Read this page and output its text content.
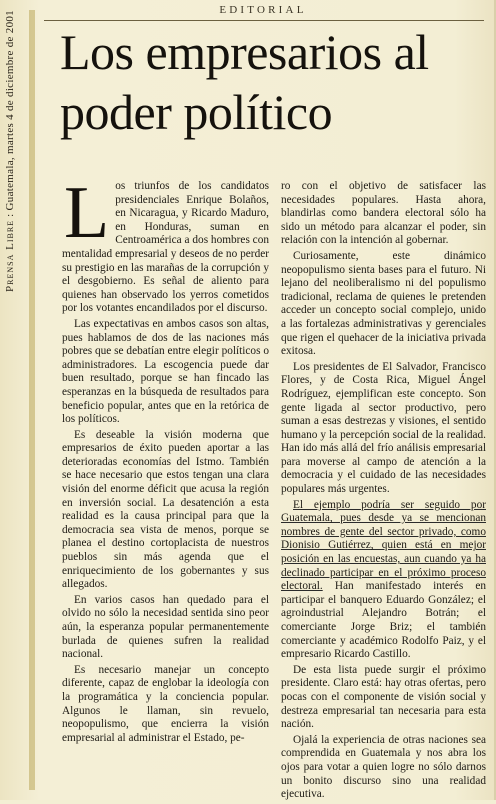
Prensa Libre : Guatemala, martes 4 de diciembre de 2001	EDITORIAL
Los empresarios al poder político

Los triunfos de los candidatos presidenciales Enrique Bolaños, en Nicaragua, y Ricardo Maduro, en Honduras, suman en Centroamérica a dos hombres con mentalidad empresarial y deseos de no perder su prestigio en las marañas de la corrupción y el desgobierno. Es señal de aliento para quienes han observado los yerros cometidos por los votantes encandilados por el discurso.

Las expectativas en ambos casos son altas, pues hablamos de dos de las naciones más pobres que se debatían entre elegir políticos o administradores. La escogencia puede dar buen resultado, porque se han fincado las esperanzas en la búsqueda de resultados para beneficio popular, antes que en la retórica de los políticos.

Es deseable la visión moderna que empresarios de éxito pueden aportar a las deterioradas economías del Istmo. También se hace necesario que estos tengan una clara visión del enorme déficit que acusa la región en inversión social. La desatención a esta realidad es la causa principal para que la democracia sea vista de menos, porque se planea el destino cortoplacista de nuestros pueblos sin más agenda que el enriquecimiento de los gobernantes y sus allegados.

En varios casos han quedado para el olvido no sólo la necesidad sentida sino peor aún, la esperanza popular permanentemente burlada de quienes sufren la realidad nacional.

Es necesario manejar un concepto diferente, capaz de englobar la ideología con la programática y la conciencia popular. Algunos le llaman, sin revuelo, neopopulismo, que encierra la visión empresarial al administrar el Estado, pe-

ro con el objetivo de satisfacer las necesidades populares. Hasta ahora, blandirlas como bandera electoral sólo ha sido un método para alcanzar el poder, sin relación con la intención al gobernar.

Curiosamente, este dinámico neopopulismo sienta bases para el futuro. Ni lejano del neoliberalismo ni del populismo tradicional, reclama de quienes le pretenden acceder un concepto social complejo, unido a las fortalezas administrativas y gerenciales que rigen el quehacer de la iniciativa privada exitosa.

Los presidentes de El Salvador, Francisco Flores, y de Costa Rica, Miguel Ángel Rodríguez, ejemplifican este concepto. Son gente ligada al sector productivo, pero suman a esas destrezas y visiones, el sentido humano y la percepción social de la realidad. Han ido más allá del frío análisis empresarial para moverse al campo de atención a la democracia y el cuidado de las necesidades populares más urgentes.

El ejemplo podría ser seguido por Guatemala, pues desde ya se mencionan nombres de gente del sector privado, como Dionisio Gutiérrez, quien está en mejor posición en las encuestas, aun cuando ya ha declinado participar en el próximo proceso electoral. Han manifestado interés en participar el banquero Eduardo González; el agroindustrial Alejandro Botrán; el comerciante Jorge Briz; el también comerciante y académico Rodolfo Paiz, y el empresario Ricardo Castillo.

De esta lista puede surgir el próximo presidente. Claro está: hay otras ofertas, pero pocas con el componente de visión social y destreza empresarial tan necesaria para esta nación.

Ojalá la experiencia de otras naciones sea comprendida en Guatemala y nos abra los ojos para votar a quien logre no sólo darnos un bonito discurso sino una realidad ejecutiva.
